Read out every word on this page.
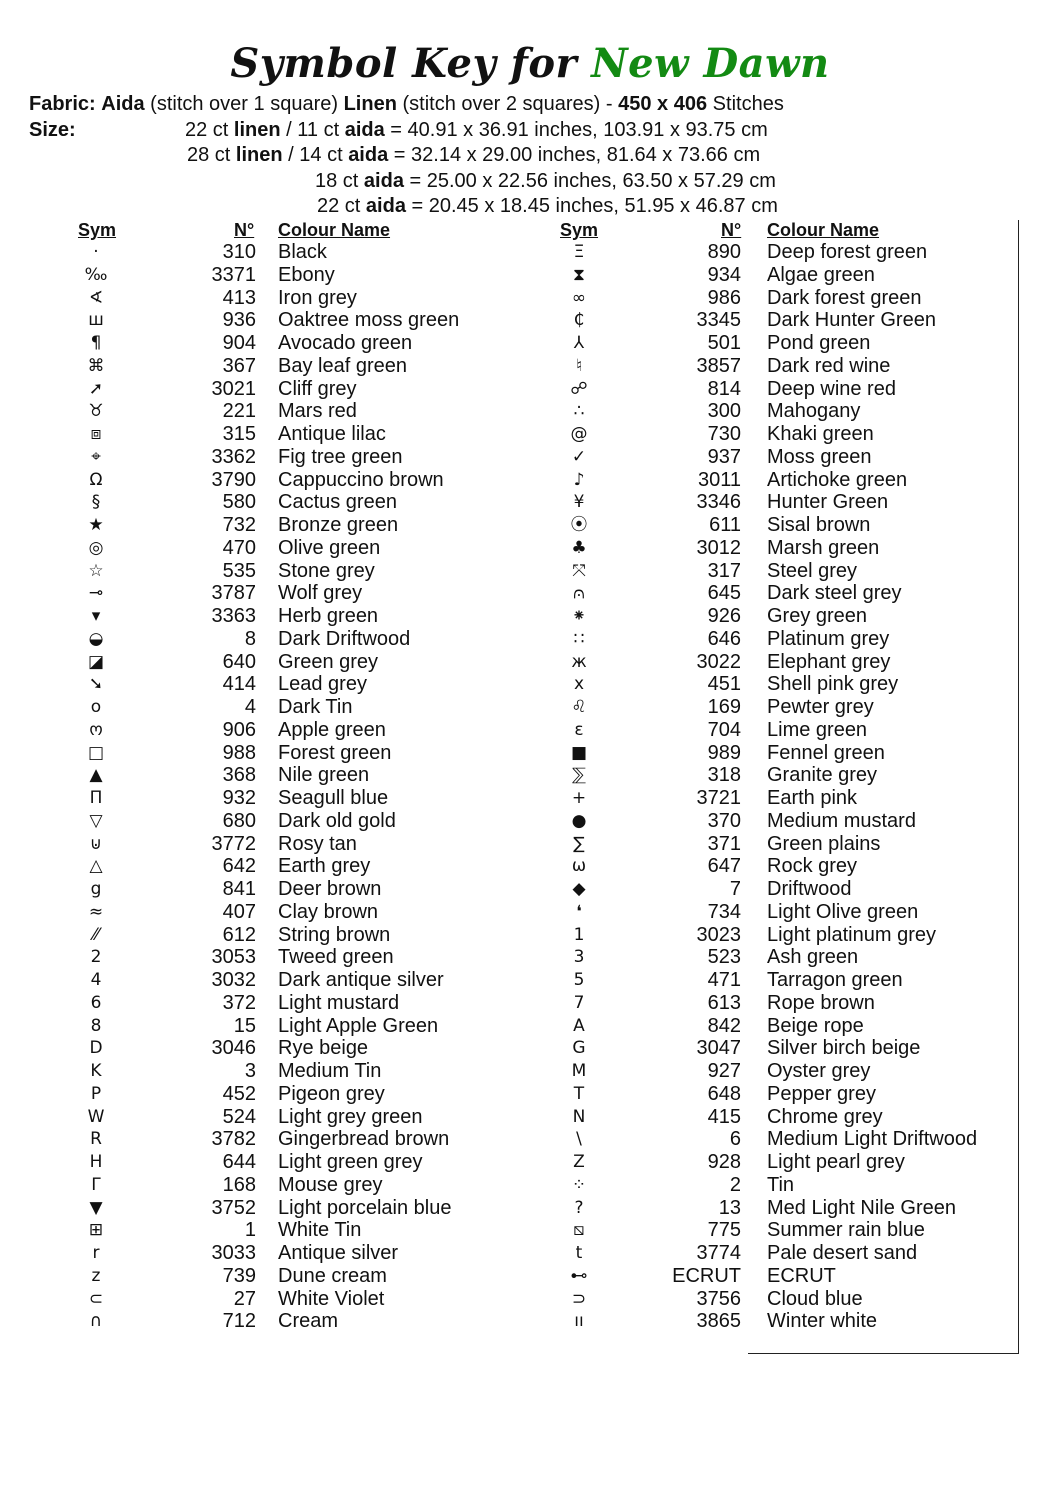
Symbol Key for New Dawn
Fabric: Aida (stitch over 1 square) Linen (stitch over 2 squares) - 450 x 406 Stitches
Size:	22 ct linen / 11 ct aida = 40.91 x 36.91 inches, 103.91 x 93.75 cm
28 ct linen / 14 ct aida = 32.14 x 29.00 inches, 81.64 x 73.66 cm
18 ct aida = 25.00 x 22.56 inches, 63.50 x 57.29 cm
22 ct aida = 20.45 x 18.45 inches, 51.95 x 46.87 cm
Sym	N° Colour Name	Sym	N° Colour Name
·	310 Black
‰	3371 Ebony
∢	413 Iron grey
ш	936 Oaktree moss green
¶	904 Avocado green
⌘	367 Bay leaf green
➚	3021 Cliff grey
♉	221 Mars red
⧈	315 Antique lilac
⌖	3362 Fig tree green
Ω	3790 Cappuccino brown
§	580 Cactus green
★	732 Bronze green
◎	470 Olive green
☆	535 Stone grey
⊸	3787 Wolf grey
▾	3363 Herb green
◒	8 Dark Driftwood
◪	640 Green grey
➘	414 Lead grey
o	4 Dark Tin
ო	906 Apple green
□	988 Forest green
▲	368 Nile green
Π	932 Seagull blue
▽	680 Dark old gold
⊍	3772 Rosy tan
△	642 Earth grey
g	841 Deer brown
≈	407 Clay brown
⁄⁄	612 String brown
2	3053 Tweed green
4	3032 Dark antique silver
6	372 Light mustard
8	15 Light Apple Green
D	3046 Rye beige
K	3 Medium Tin
P	452 Pigeon grey
W	524 Light grey green
R	3782 Gingerbread brown
H	644 Light green grey
Γ	168 Mouse grey
▼	3752 Light porcelain blue
⊞	1 White Tin
r	3033 Antique silver
z	739 Dune cream
⊂	27 White Violet
∩	712 Cream
Ξ	890 Deep forest green
⧗	934 Algae green
∞	986 Dark forest green
₵	3345 Dark Hunter Green
⅄	501 Pond green
♮	3857 Dark red wine
☍	814 Deep wine red
∴	300 Mahogany
@	730 Khaki green
✓	937 Moss green
♪	3011 Artichoke green
¥	3346 Hunter Green
⦿	611 Sisal brown
♣	3012 Marsh green
⤧	317 Steel grey
⩀	645 Dark steel grey
⁕	926 Grey green
∷	646 Platinum grey
ж	3022 Elephant grey
x	451 Shell pink grey
♌	169 Pewter grey
ε	704 Lime green
■	989 Fennel green
⅀	318 Granite grey
+	3721 Earth pink
●	370 Medium mustard
∑	371 Green plains
ω	647 Rock grey
◆	7 Driftwood
❛	734 Light Olive green
1	3023 Light platinum grey
3	523 Ash green
5	471 Tarragon green
7	613 Rope brown
A	842 Beige rope
G	3047 Silver birch beige
M	927 Oyster grey
T	648 Pepper grey
N	415 Chrome grey
\	6 Medium Light Driftwood
Z	928 Light pearl grey
⁘	2 Tin
?	13 Med Light Nile Green
⧅	775 Summer rain blue
t	3774 Pale desert sand
⊷	ECRUT ECRUT
⊃	3756 Cloud blue
ıı	3865 Winter white
